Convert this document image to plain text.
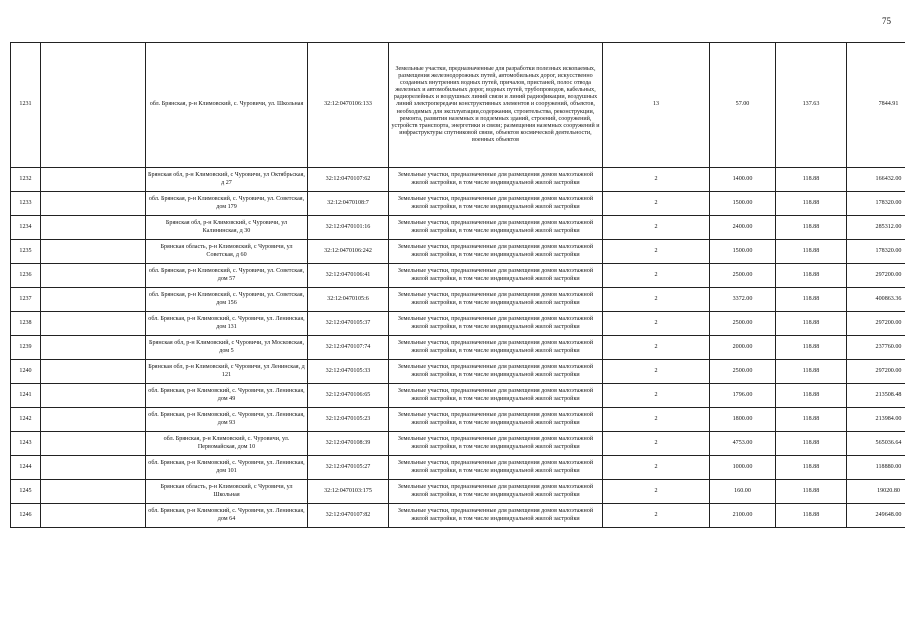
75
1231		обл. Брянская, р-н Климовский, с. Чуровичи, ул. Школьная	32:12:0470106:133	Земельные участки, предназначенные для разработки полезных ископаемых, размещения железнодорожных путей, автомобильных дорог, искусственно созданных внутренних водных путей, причалов, пристаней, полос отвода железных и автомобильных дорог, водных путей, трубопроводов, кабельных, радиорелейных и воздушных линий связи и линий радиофикации, воздушных линий электропередачи конструктивных элементов и сооружений, объектов, необходимых для эксплуатации,содержания, строительства, реконструкции, ремонта, развития наземных и подземных зданий, строений, сооружений, устройств транспорта, энергетики и связи; размещения наземных сооружений и инфраструктуры спутниковой связи, объектов космической деятельности, военных объектов	13	57.00	137.63	7844.91
1232		Брянская обл, р-н Климовский, с Чуровичи, ул Октябрьская, д 27	32:12:0470107:62	Земельные участки, предназначенные для размещения домов малоэтажной жилой застройки, в том числе индивидуальной жилой застройки	2	1400.00	118.88	166432.00
1233		обл. Брянская, р-н Климовский, с. Чуровичи, ул. Советская, дом 179	32:12:0470108:7	Земельные участки, предназначенные для размещения домов малоэтажной жилой застройки, в том числе индивидуальной жилой застройки	2	1500.00	118.88	178320.00
1234		Брянская обл, р-н Климовский, с Чуровичи, ул Калининская, д 30	32:12:0470101:16	Земельные участки, предназначенные для размещения домов малоэтажной жилой застройки, в том числе индивидуальной жилой застройки	2	2400.00	118.88	285312.00
1235		Брянская область, р-н Климовский, с Чуровичи, ул Советская, д 60	32:12:0470106:242	Земельные участки, предназначенные для размещения домов малоэтажной жилой застройки, в том числе индивидуальной жилой застройки	2	1500.00	118.88	178320.00
1236		обл. Брянская, р-н Климовский, с. Чуровичи, ул. Советская, дом 57	32:12:0470106:41	Земельные участки, предназначенные для размещения домов малоэтажной жилой застройки, в том числе индивидуальной жилой застройки	2	2500.00	118.88	297200.00
1237		обл. Брянская, р-н Климовский, с. Чуровичи, ул. Советская, дом 156	32:12:0470105:6	Земельные участки, предназначенные для размещения домов малоэтажной жилой застройки, в том числе индивидуальной жилой застройки	2	3372.00	118.88	400863.36
1238		обл. Брянская, р-н Климовский, с. Чуровичи, ул. Ленинская, дом 131	32:12:0470105:37	Земельные участки, предназначенные для размещения домов малоэтажной жилой застройки, в том числе индивидуальной жилой застройки	2	2500.00	118.88	297200.00
1239		Брянская обл, р-н Климовский, с Чуровичи, ул Московская, дом 5	32:12:0470107:74	Земельные участки, предназначенные для размещения домов малоэтажной жилой застройки, в том числе индивидуальной жилой застройки	2	2000.00	118.88	237760.00
1240		Брянская обл, р-н Климовский, с Чуровичи, ул Ленинская, д 121	32:12:0470105:33	Земельные участки, предназначенные для размещения домов малоэтажной жилой застройки, в том числе индивидуальной жилой застройки	2	2500.00	118.88	297200.00
1241		обл. Брянская, р-н Климовский, с. Чуровичи, ул. Ленинская, дом 49	32:12:0470106:65	Земельные участки, предназначенные для размещения домов малоэтажной жилой застройки, в том числе индивидуальной жилой застройки	2	1796.00	118.88	213508.48
1242		обл. Брянская, р-н Климовский, с. Чуровичи, ул. Ленинская, дом 93	32:12:0470105:23	Земельные участки, предназначенные для размещения домов малоэтажной жилой застройки, в том числе индивидуальной жилой застройки	2	1800.00	118.88	213984.00
1243		обл. Брянская, р-н Климовский, с. Чуровичи, ул. Первомайская, дом 10	32:12:0470108:39	Земельные участки, предназначенные для размещения домов малоэтажной жилой застройки, в том числе индивидуальной жилой застройки	2	4753.00	118.88	565036.64
1244		обл. Брянская, р-н Климовский, с. Чуровичи, ул. Ленинская, дом 101	32:12:0470105:27	Земельные участки, предназначенные для размещения домов малоэтажной жилой застройки, в том числе индивидуальной жилой застройки	2	1000.00	118.88	118880.00
1245		Брянская область, р-н Климовский, с Чуровичи, ул Школьная	32:12:0470103:175	Земельные участки, предназначенные для размещения домов малоэтажной жилой застройки, в том числе индивидуальной жилой застройки	2	160.00	118.88	19020.80
1246		обл. Брянская, р-н Климовский, с. Чуровичи, ул. Ленинская, дом 64	32:12:0470107:82	Земельные участки, предназначенные для размещения домов малоэтажной жилой застройки, в том числе индивидуальной жилой застройки	2	2100.00	118.88	249648.00
